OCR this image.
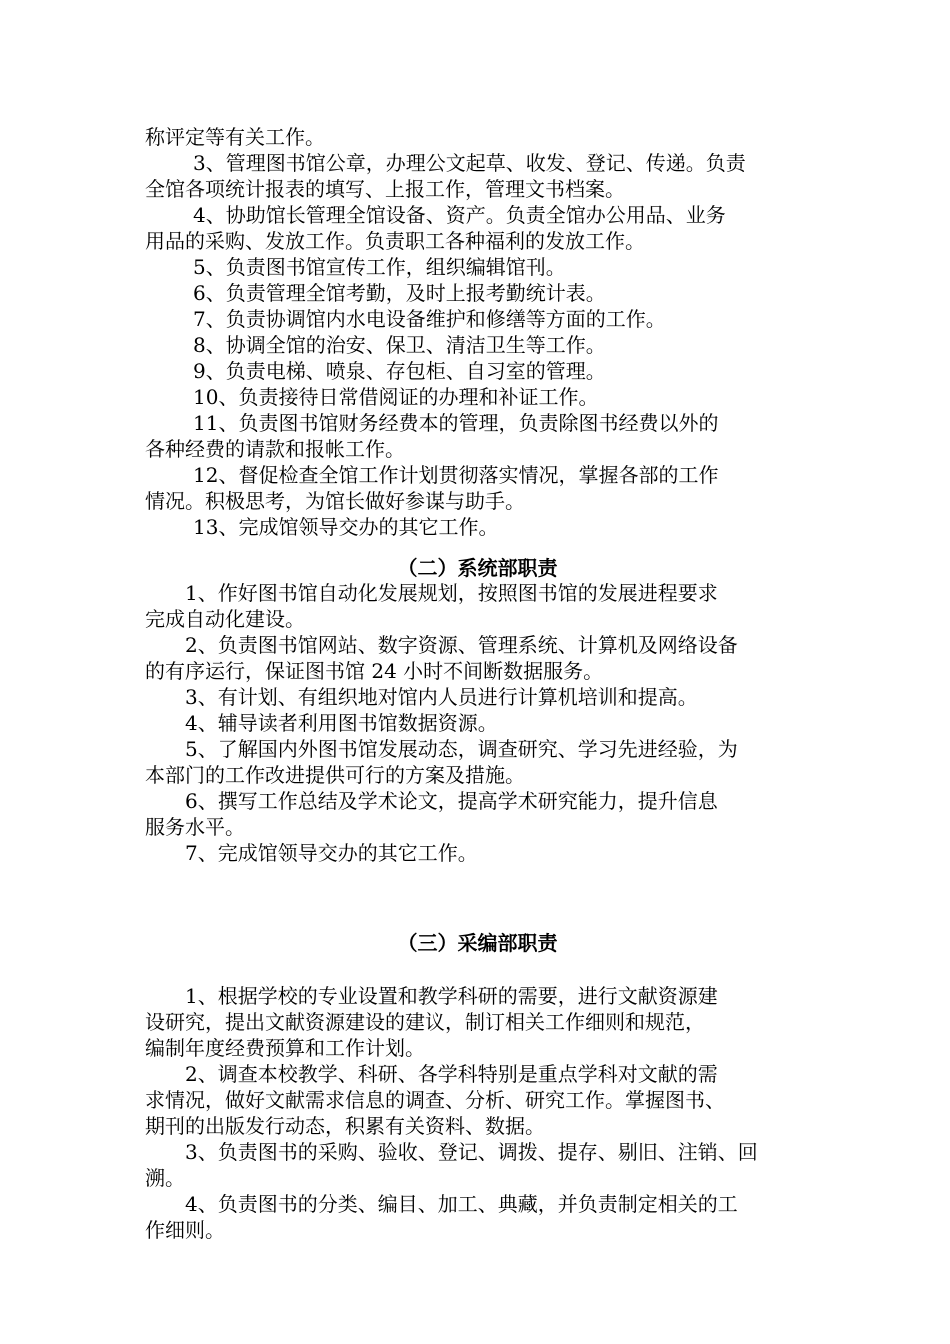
称评定等有关工作。
3、管理图书馆公章，办理公文起草、收发、登记、传递。负责
全馆各项统计报表的填写、上报工作，管理文书档案。
4、协助馆长管理全馆设备、资产。负责全馆办公用品、业务
用品的采购、发放工作。负责职工各种福利的发放工作。
5、负责图书馆宣传工作，组织编辑馆刊。
6、负责管理全馆考勤，及时上报考勤统计表。
7、负责协调馆内水电设备维护和修缮等方面的工作。
8、协调全馆的治安、保卫、清洁卫生等工作。
9、负责电梯、喷泉、存包柜、自习室的管理。
10、负责接待日常借阅证的办理和补证工作。
11、负责图书馆财务经费本的管理，负责除图书经费以外的
各种经费的请款和报帐工作。
12、督促检查全馆工作计划贯彻落实情况，掌握各部的工作
情况。积极思考，为馆长做好参谋与助手。
13、完成馆领导交办的其它工作。
（二）系统部职责
1、作好图书馆自动化发展规划，按照图书馆的发展进程要求
完成自动化建设。
2、负责图书馆网站、数字资源、管理系统、计算机及网络设备
的有序运行，保证图书馆 24 小时不间断数据服务。
3、有计划、有组织地对馆内人员进行计算机培训和提高。
4、辅导读者利用图书馆数据资源。
5、了解国内外图书馆发展动态，调查研究、学习先进经验，为
本部门的工作改进提供可行的方案及措施。
6、撰写工作总结及学术论文，提高学术研究能力，提升信息
服务水平。
7、完成馆领导交办的其它工作。
（三）采编部职责
1、根据学校的专业设置和教学科研的需要，进行文献资源建
设研究，提出文献资源建设的建议，制订相关工作细则和规范，
编制年度经费预算和工作计划。
2、调查本校教学、科研、各学科特别是重点学科对文献的需
求情况，做好文献需求信息的调查、分析、研究工作。掌握图书、
期刊的出版发行动态，积累有关资料、数据。
3、负责图书的采购、验收、登记、调拨、提存、剔旧、注销、回
溯。
4、负责图书的分类、编目、加工、典藏，并负责制定相关的工
作细则。
